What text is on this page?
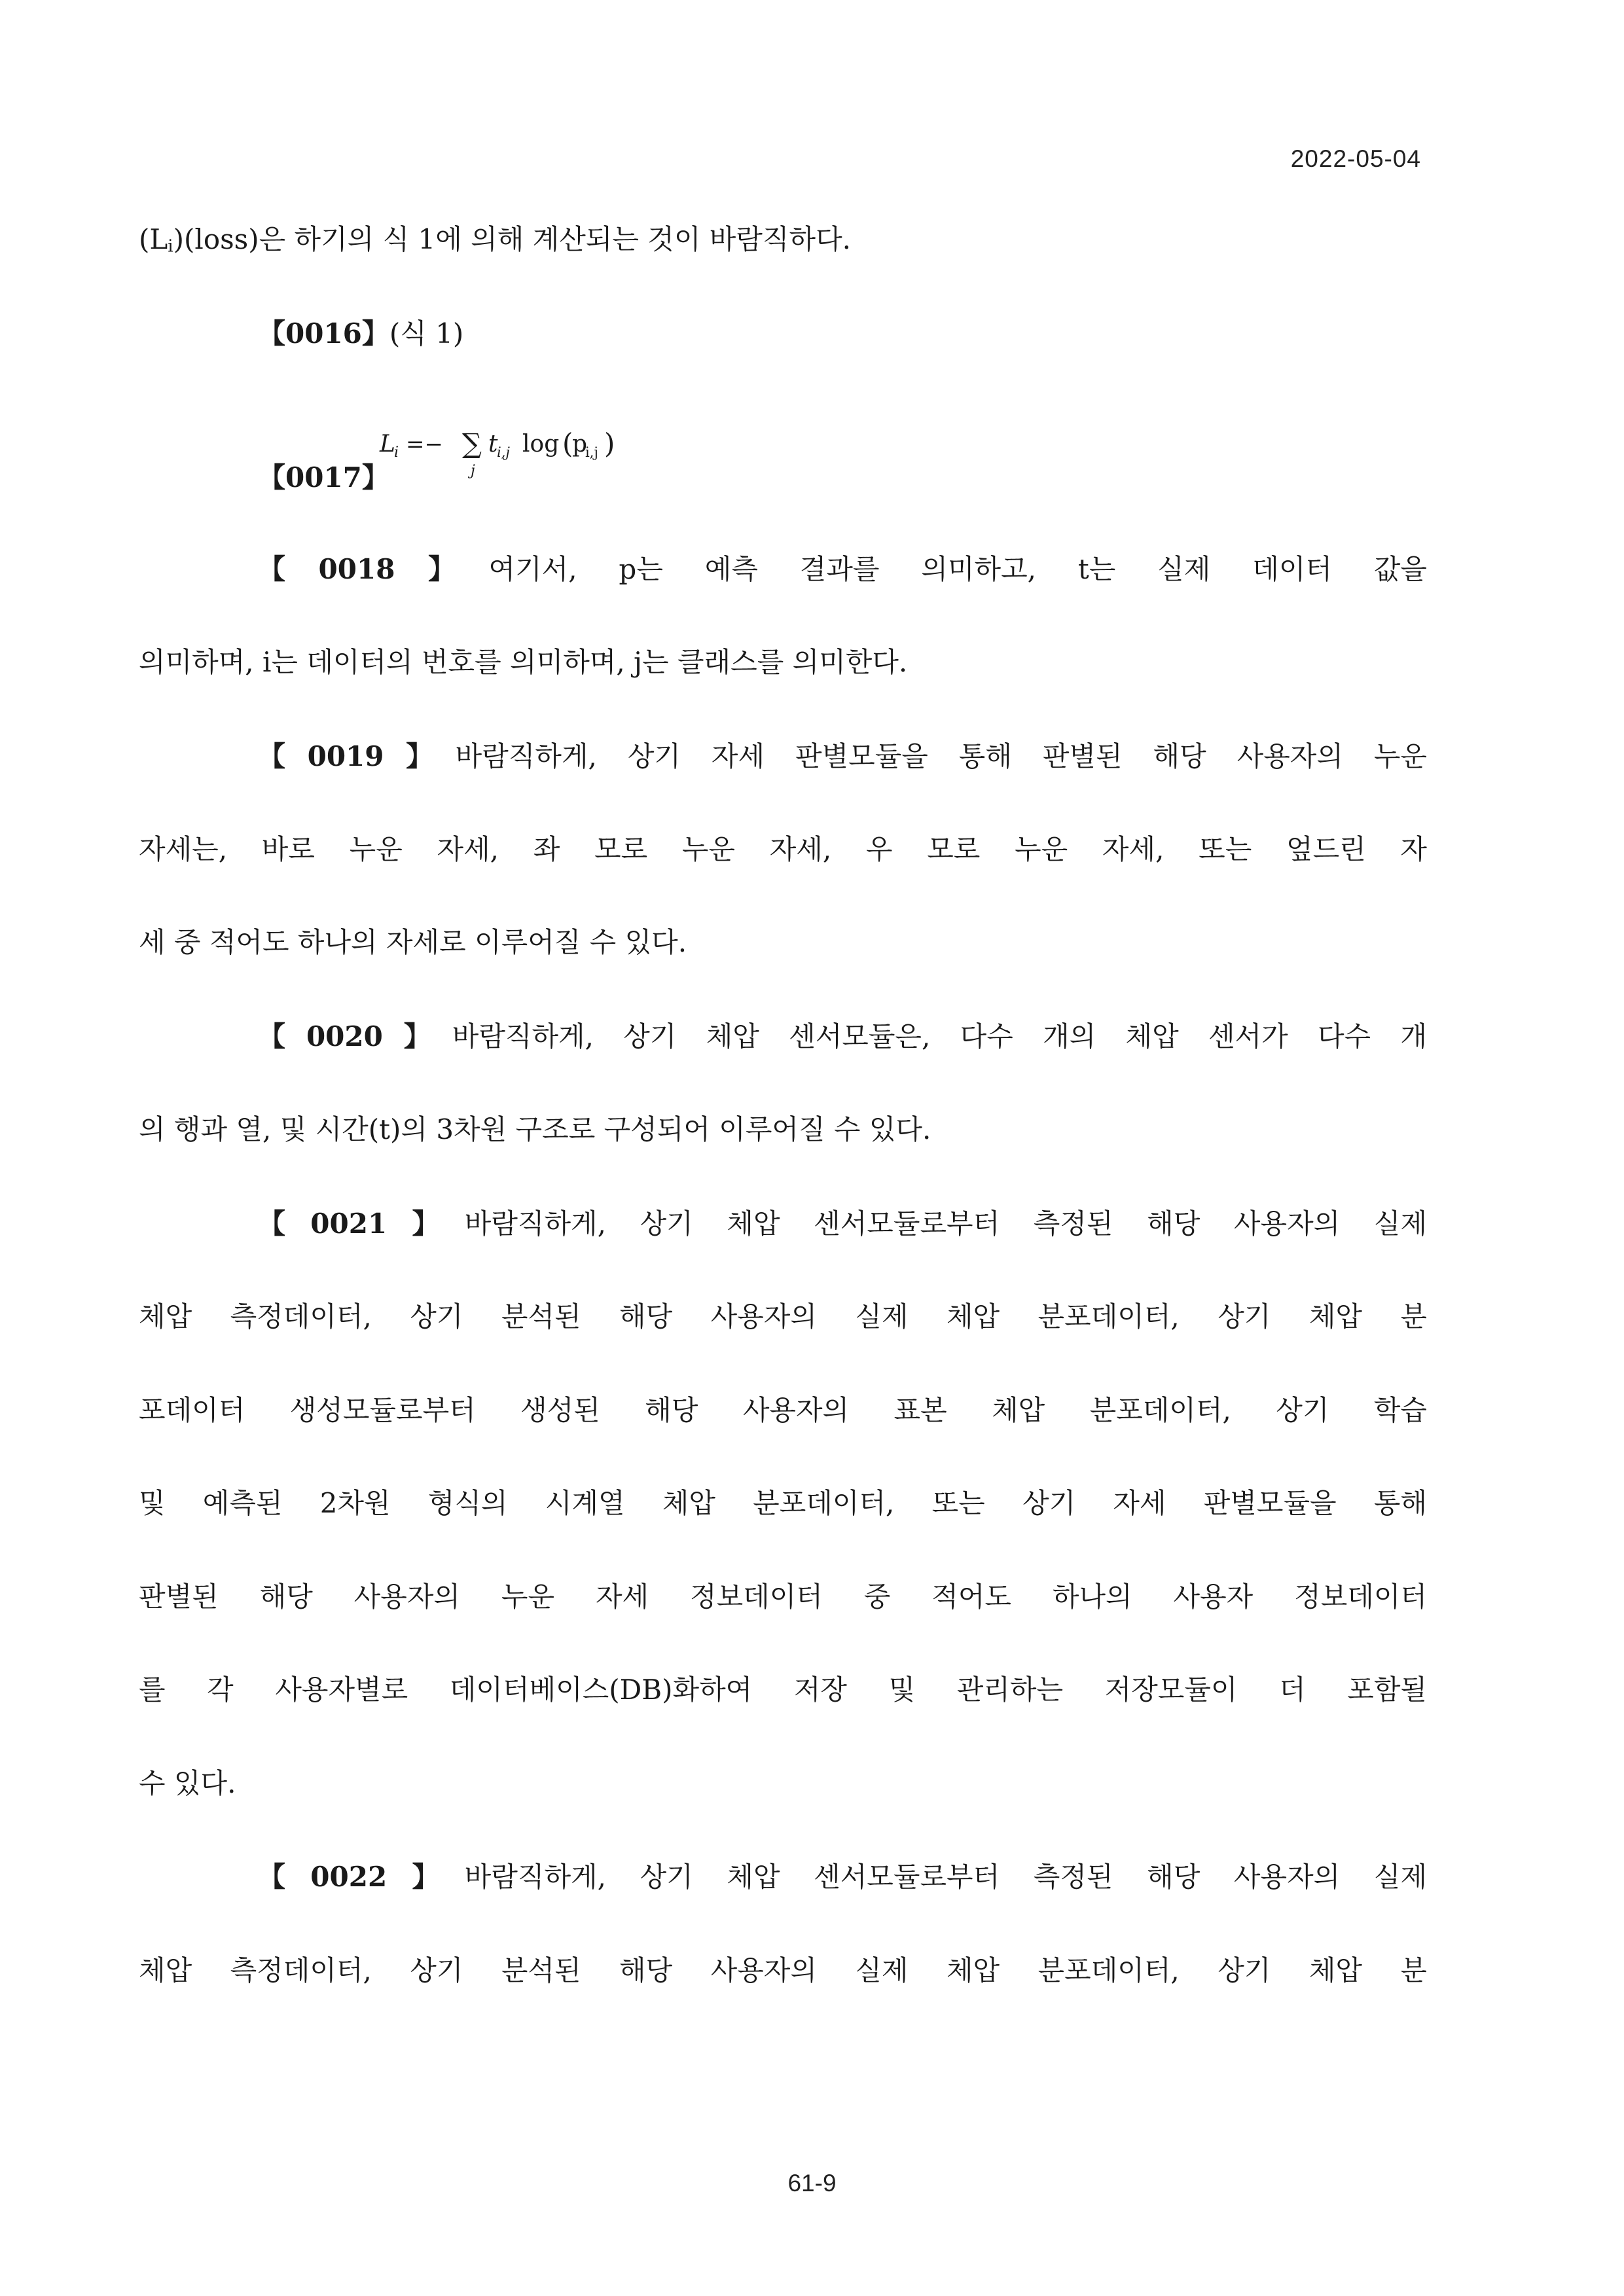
2022-05-04

(Li)(loss)은 하기의 식 1에 의해 계산되는 것이 바람직하다.

【0016】(식 1)

【0017】

L
i =− ∑
j
t
i,j log (
p
i,j )

【0018】여기서, p는 예측 결과를 의미하고, t는 실제 데이터 값을

의미하며, i는 데이터의 번호를 의미하며, j는 클래스를 의미한다.

【0019】바람직하게, 상기 자세 판별모듈을 통해 판별된 해당 사용자의 누운

자세는, 바로 누운 자세, 좌 모로 누운 자세, 우 모로 누운 자세, 또는 엎드린 자

세 중 적어도 하나의 자세로 이루어질 수 있다.

【0020】바람직하게, 상기 체압 센서모듈은, 다수 개의 체압 센서가 다수 개

의 행과 열, 및 시간(t)의 3차원 구조로 구성되어 이루어질 수 있다.

【0021】바람직하게, 상기 체압 센서모듈로부터 측정된 해당 사용자의 실제

체압 측정데이터, 상기 분석된 해당 사용자의 실제 체압 분포데이터, 상기 체압 분

포데이터 생성모듈로부터 생성된 해당 사용자의 표본 체압 분포데이터, 상기 학습

및 예측된 2차원 형식의 시계열 체압 분포데이터, 또는 상기 자세 판별모듈을 통해

판별된 해당 사용자의 누운 자세 정보데이터 중 적어도 하나의 사용자 정보데이터

를 각 사용자별로 데이터베이스(DB)화하여 저장 및 관리하는 저장모듈이 더 포함될

수 있다.

【0022】바람직하게, 상기 체압 센서모듈로부터 측정된 해당 사용자의 실제

체압 측정데이터, 상기 분석된 해당 사용자의 실제 체압 분포데이터, 상기 체압 분

61-9
